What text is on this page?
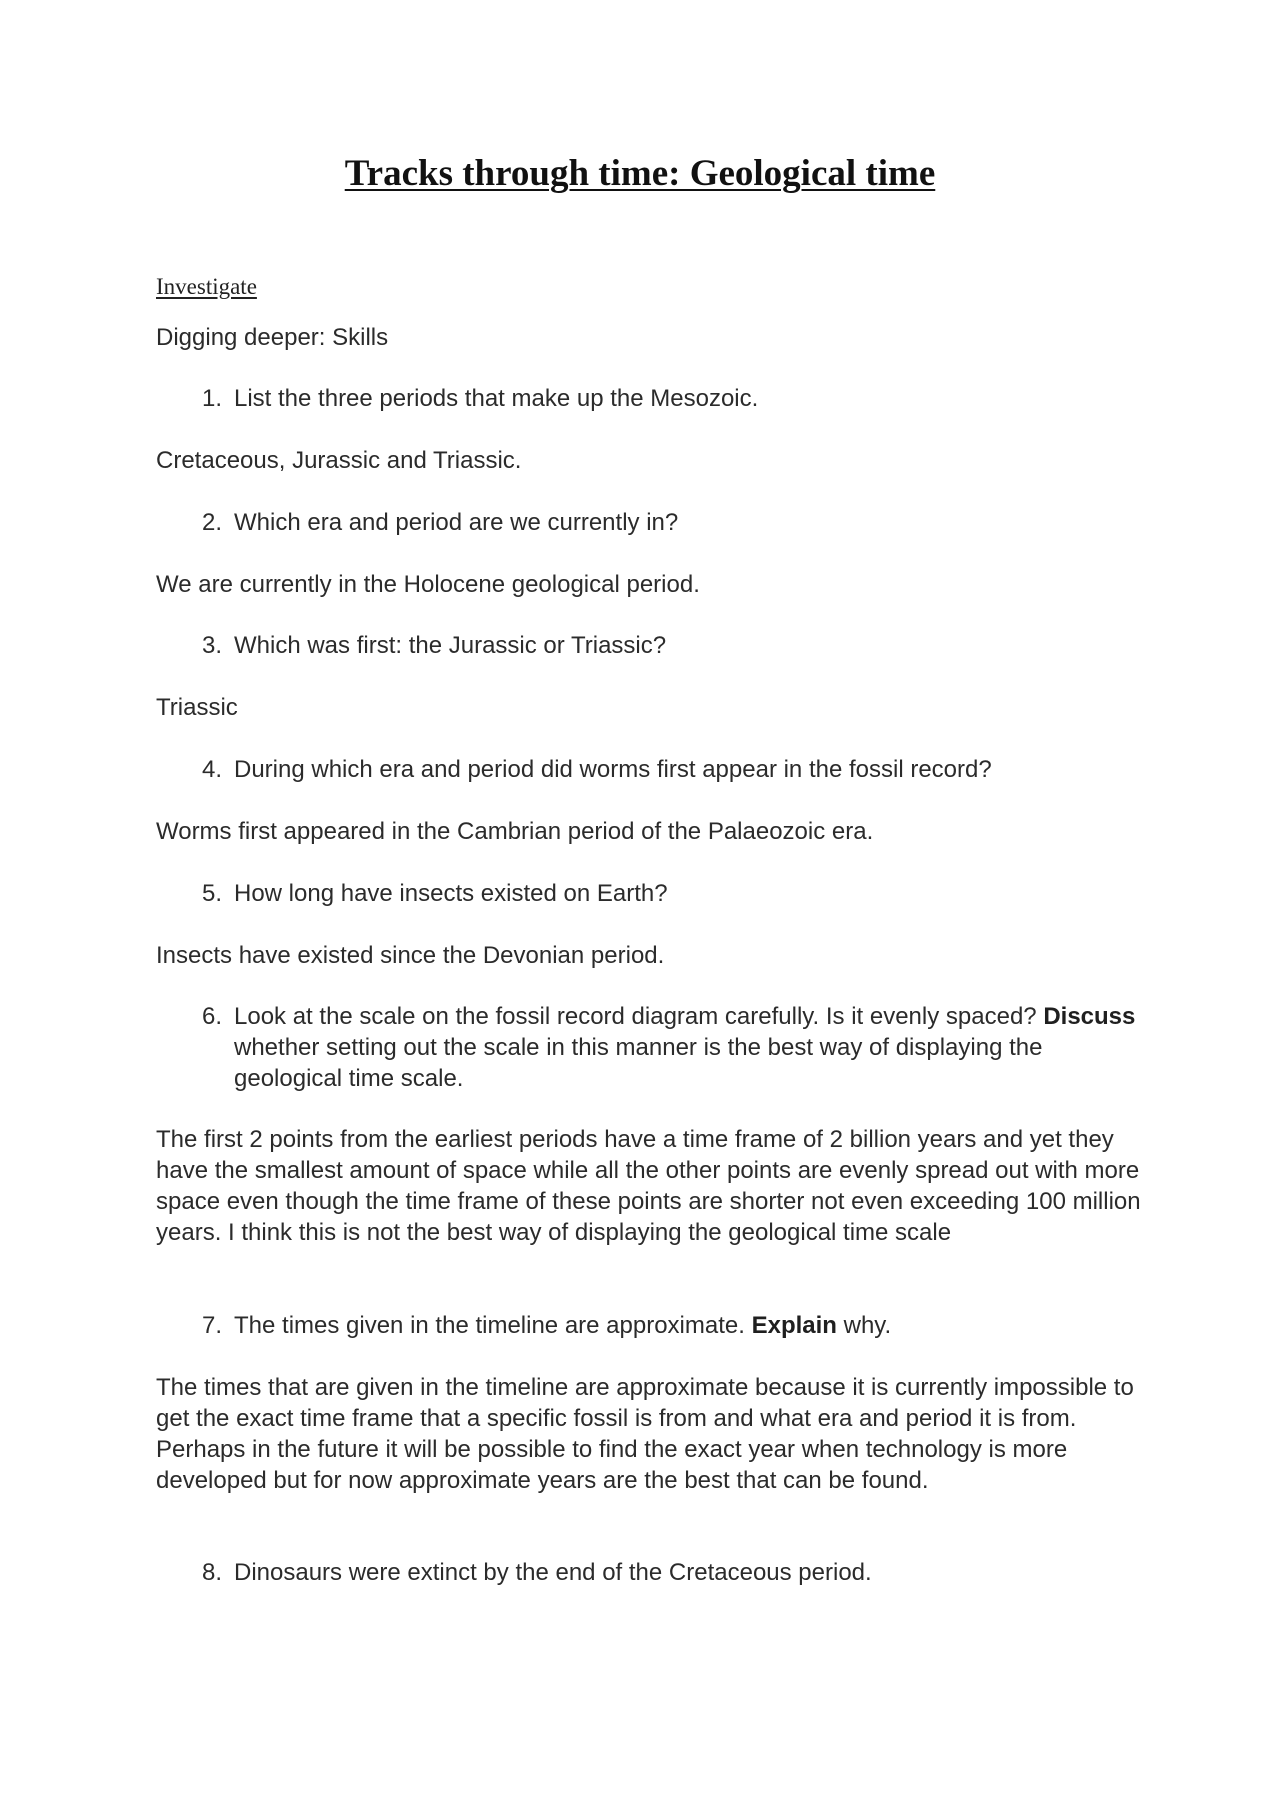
Tracks through time: Geological time
Investigate
Digging deeper: Skills
1. List the three periods that make up the Mesozoic.
Cretaceous, Jurassic and Triassic.
2. Which era and period are we currently in?
We are currently in the Holocene geological period.
3. Which was first: the Jurassic or Triassic?
Triassic
4. During which era and period did worms first appear in the fossil record?
Worms first appeared in the Cambrian period of the Palaeozoic era.
5. How long have insects existed on Earth?
Insects have existed since the Devonian period.
6. Look at the scale on the fossil record diagram carefully. Is it evenly spaced? Discuss whether setting out the scale in this manner is the best way of displaying the geological time scale.
The first 2 points from the earliest periods have a time frame of 2 billion years and yet they have the smallest amount of space while all the other points are evenly spread out with more space even though the time frame of these points are shorter not even exceeding 100 million years. I think this is not the best way of displaying the geological time scale
7. The times given in the timeline are approximate. Explain why.
The times that are given in the timeline are approximate because it is currently impossible to get the exact time frame that a specific fossil is from and what era and period it is from. Perhaps in the future it will be possible to find the exact year when technology is more developed but for now approximate years are the best that can be found.
8. Dinosaurs were extinct by the end of the Cretaceous period.
